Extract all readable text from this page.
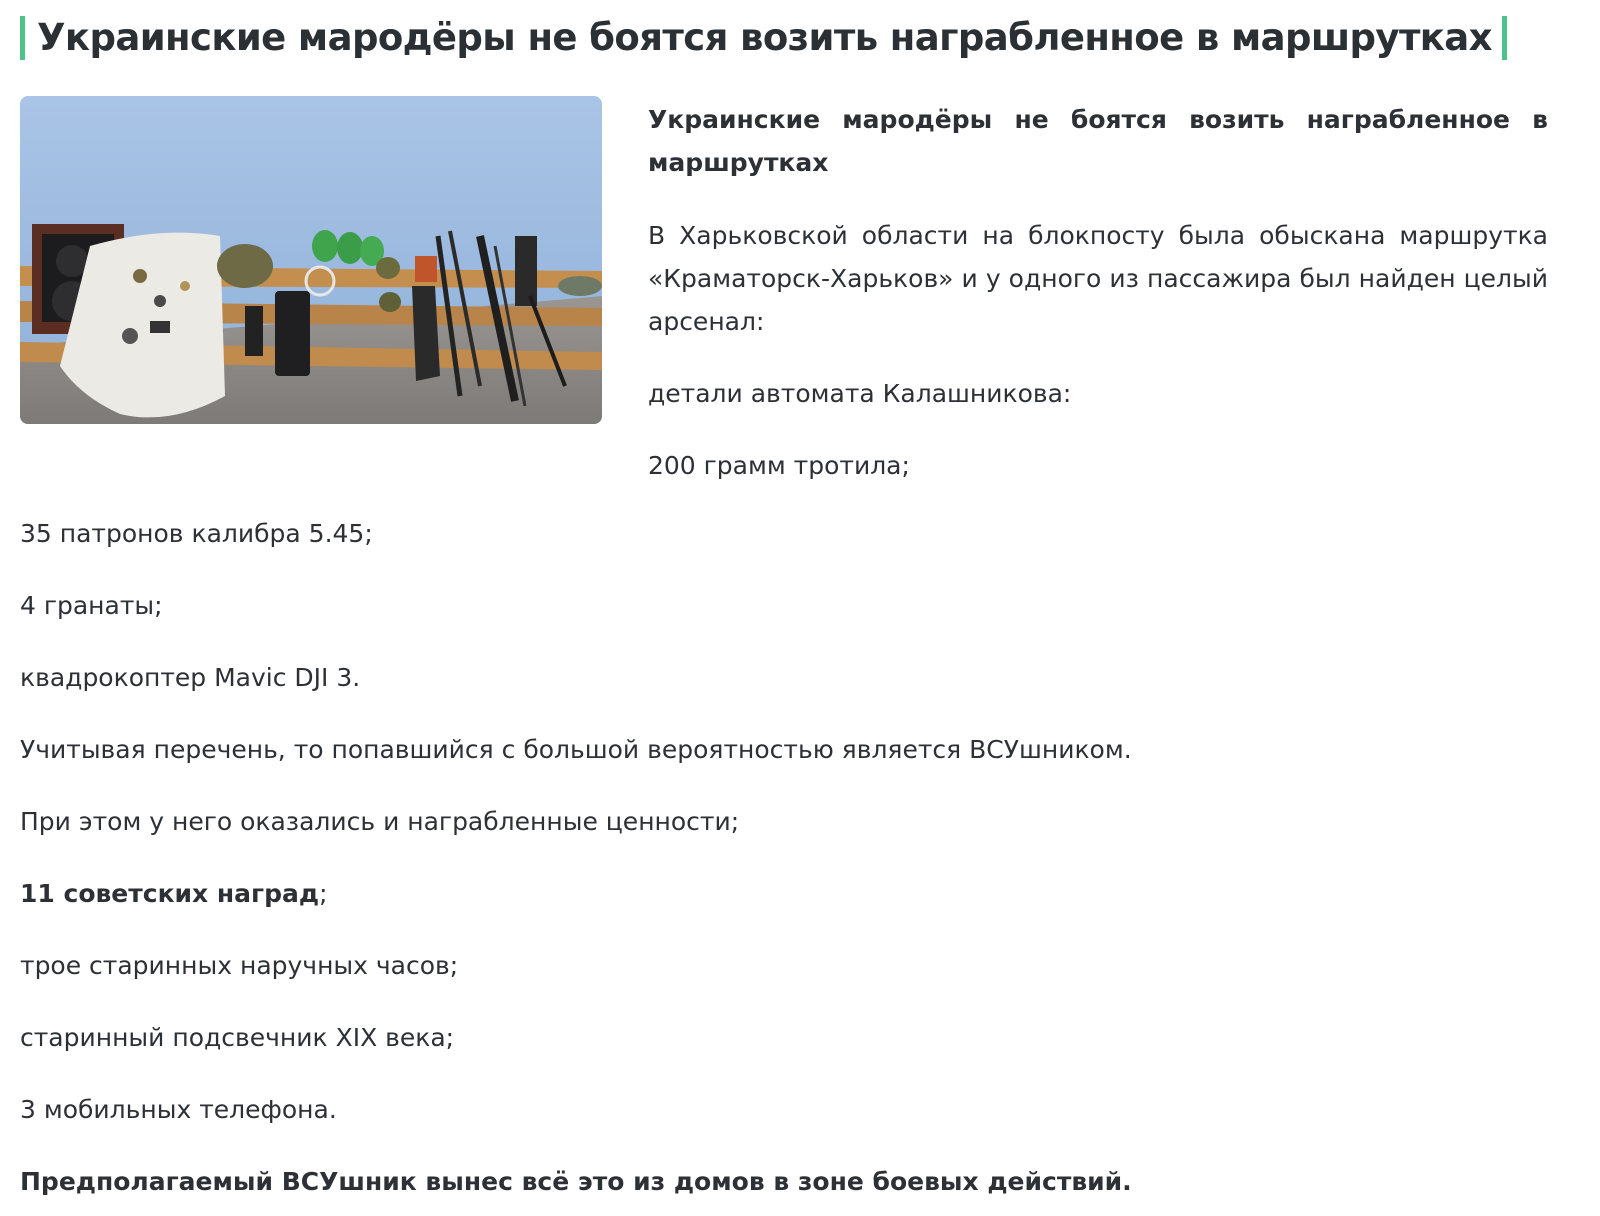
Украинские мародёры не боятся возить награбленное в маршрутках

Украинские мародёры не боятся возить награбленное в маршрутках

В Харьковской области на блокпосту была обыскана маршрутка «Краматорск-Харьков» и у одного из пассажира был найден целый арсенал:

детали автомата Калашникова:

200 грамм тротила;

35 патронов калибра 5.45;
4 гранаты;
квадрокоптер Mavic DJI 3.
Учитывая перечень, то попавшийся с большой вероятностью является ВСУшником.
При этом у него оказались и награбленные ценности;
11 советских наград;
трое старинных наручных часов;
старинный подсвечник XIX века;
3 мобильных телефона.
Предполагаемый ВСУшник вынес всё это из домов в зоне боевых действий.
